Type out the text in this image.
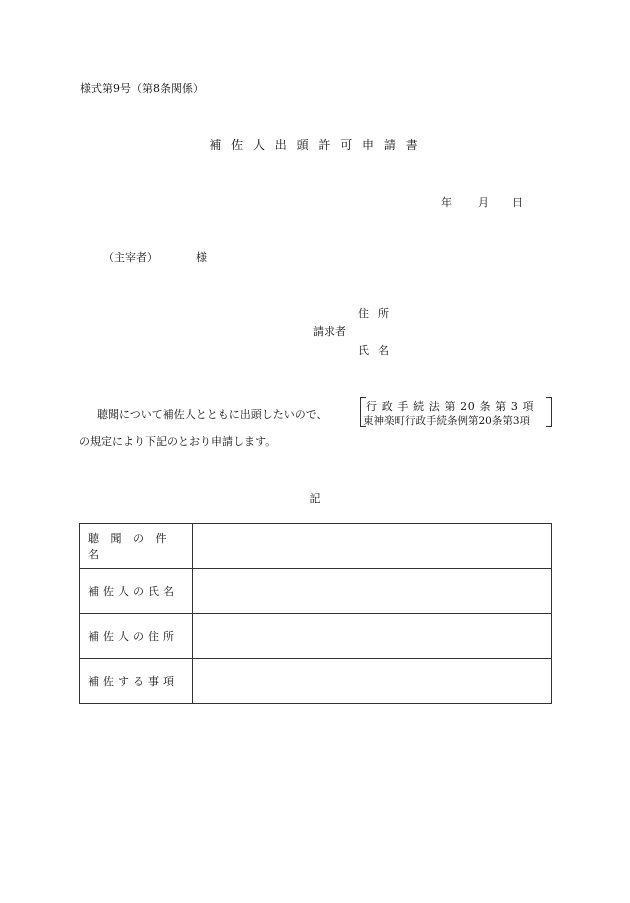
様式第9号（第8条関係）
補 佐 人 出 頭 許 可 申 請 書
年 月 日
（主宰者）	様
住所
請求者
氏名
聴聞について補佐人とともに出頭したいので、
行 政 手 続 法 第 20 条 第 3 項
東神楽町行政手続条例第20条第3項
の規定により下記のとおり申請します。
記
聴 聞 の 件 名	
補佐人の氏名	
補佐人の住所	
補佐する事項	
